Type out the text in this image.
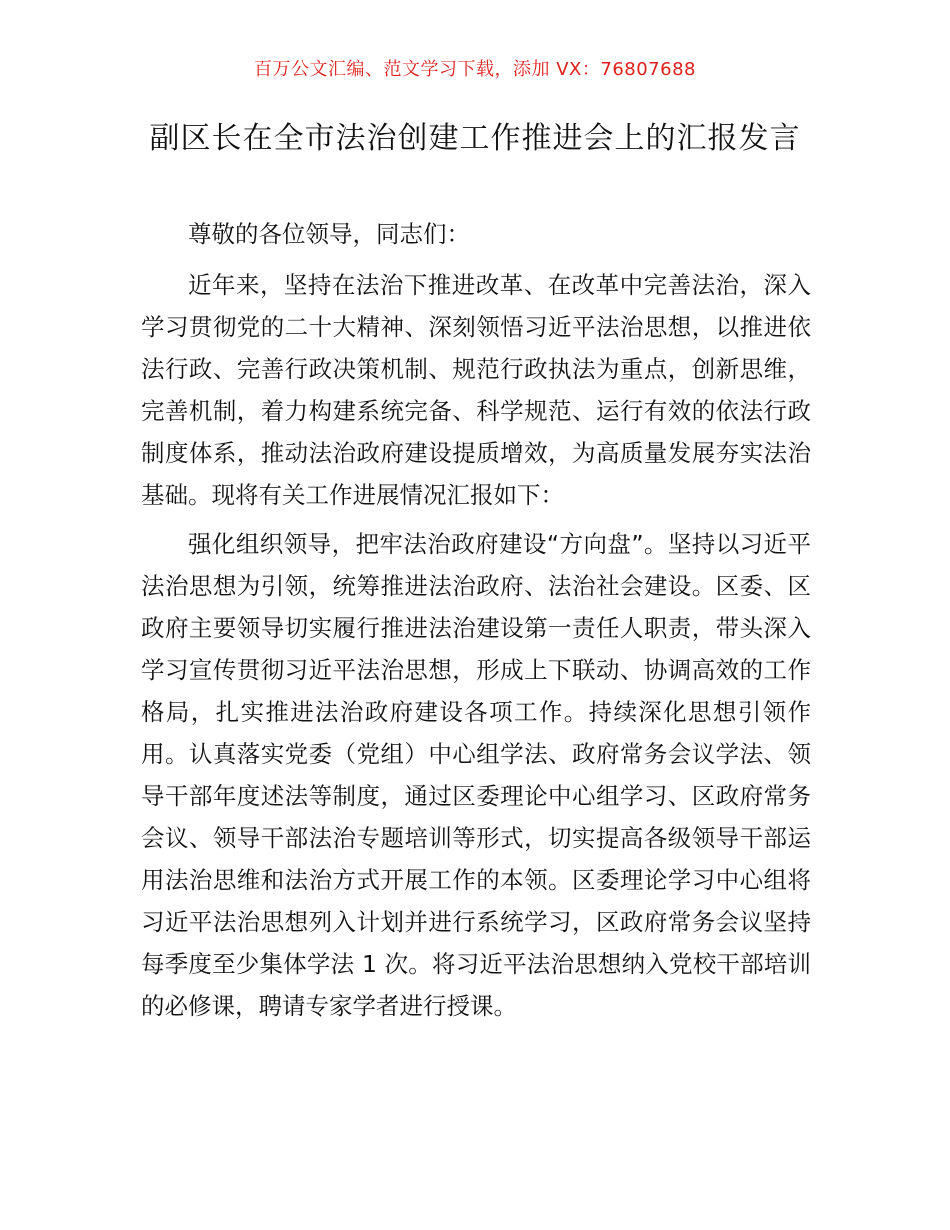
百万公文汇编、范文学习下载，添加 VX：76807688
副区长在全市法治创建工作推进会上的汇报发言

尊敬的各位领导，同志们：

近年来，坚持在法治下推进改革、在改革中完善法治，深入学习贯彻党的二十大精神、深刻领悟习近平法治思想，以推进依法行政、完善行政决策机制、规范行政执法为重点，创新思维，完善机制，着力构建系统完备、科学规范、运行有效的依法行政制度体系，推动法治政府建设提质增效，为高质量发展夯实法治基础。现将有关工作进展情况汇报如下：

强化组织领导，把牢法治政府建设“方向盘”。坚持以习近平法治思想为引领，统筹推进法治政府、法治社会建设。区委、区政府主要领导切实履行推进法治建设第一责任人职责，带头深入学习宣传贯彻习近平法治思想，形成上下联动、协调高效的工作格局，扎实推进法治政府建设各项工作。持续深化思想引领作用。认真落实党委（党组）中心组学法、政府常务会议学法、领导干部年度述法等制度，通过区委理论中心组学习、区政府常务会议、领导干部法治专题培训等形式，切实提高各级领导干部运用法治思维和法治方式开展工作的本领。区委理论学习中心组将习近平法治思想列入计划并进行系统学习，区政府常务会议坚持每季度至少集体学法 1 次。将习近平法治思想纳入党校干部培训的必修课，聘请专家学者进行授课。
